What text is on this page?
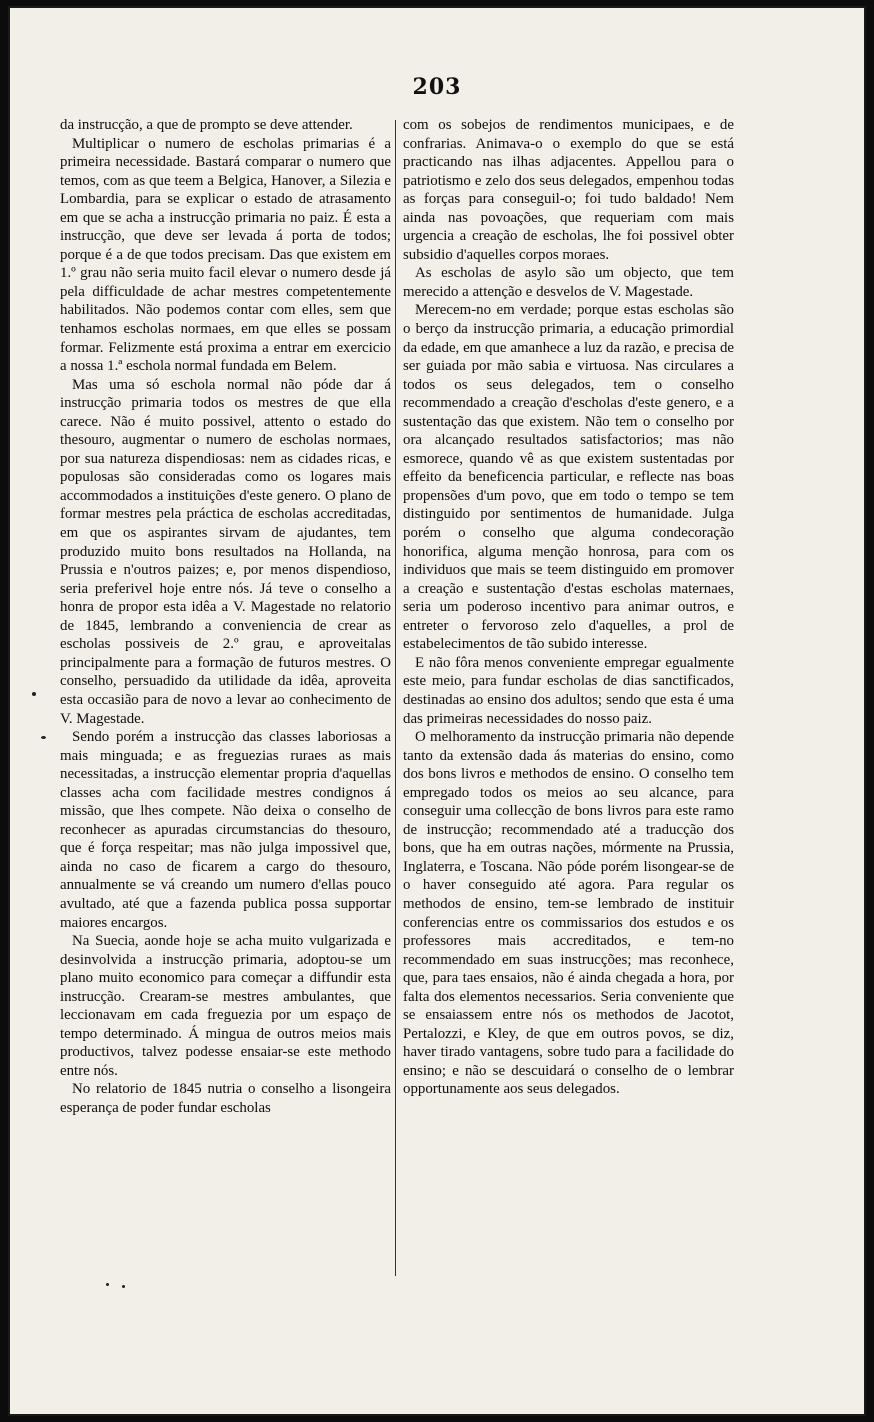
203

da instrucção, a que de prompto se deve attender.

Multiplicar o numero de escholas primarias é a primeira necessidade. Bastará comparar o numero que temos, com as que teem a Belgica, Hanover, a Silezia e Lombardia, para se explicar o estado de atrasamento em que se acha a instrucção primaria no paiz. É esta a instrucção, que deve ser levada á porta de todos; porque é a de que todos precisam. Das que existem em 1.º grau não seria muito facil elevar o numero desde já pela difficuldade de achar mestres competentemente habilitados. Não podemos contar com elles, sem que tenhamos escholas normaes, em que elles se possam formar. Felizmente está proxima a entrar em exercicio a nossa 1.ª eschola normal fundada em Belem.

Mas uma só eschola normal não póde dar á instrucção primaria todos os mestres de que ella carece. Não é muito possivel, attento o estado do thesouro, augmentar o numero de escholas normaes, por sua natureza dispendiosas: nem as cidades ricas, e populosas são consideradas como os logares mais accommodados a instituições d'este genero. O plano de formar mestres pela práctica de escholas accreditadas, em que os aspirantes sirvam de ajudantes, tem produzido muito bons resultados na Hollanda, na Prussia e n'outros paizes; e, por menos dispendioso, seria preferivel hoje entre nós. Já teve o conselho a honra de propor esta idêa a V. Magestade no relatorio de 1845, lembrando a conveniencia de crear as escholas possiveis de 2.º grau, e aproveitalas principalmente para a formação de futuros mestres. O conselho, persuadido da utilidade da idêa, aproveita esta occasião para de novo a levar ao conhecimento de V. Magestade.

Sendo porém a instrucção das classes laboriosas a mais minguada; e as freguezias ruraes as mais necessitadas, a instrucção elementar propria d'aquellas classes acha com facilidade mestres condignos á missão, que lhes compete. Não deixa o conselho de reconhecer as apuradas circumstancias do thesouro, que é força respeitar; mas não julga impossivel que, ainda no caso de ficarem a cargo do thesouro, annualmente se vá creando um numero d'ellas pouco avultado, até que a fazenda publica possa supportar maiores encargos.

Na Suecia, aonde hoje se acha muito vulgarizada e desinvolvida a instrucção primaria, adoptou-se um plano muito economico para começar a diffundir esta instrucção. Crearam-se mestres ambulantes, que leccionavam em cada freguezia por um espaço de tempo determinado. Á mingua de outros meios mais productivos, talvez podesse ensaiar-se este methodo entre nós.

No relatorio de 1845 nutria o conselho a lisongeira esperança de poder fundar escholas

com os sobejos de rendimentos municipaes, e de confrarias. Animava-o o exemplo do que se está practicando nas ilhas adjacentes. Appellou para o patriotismo e zelo dos seus delegados, empenhou todas as forças para conseguil-o; foi tudo baldado! Nem ainda nas povoações, que requeriam com mais urgencia a creação de escholas, lhe foi possivel obter subsidio d'aquelles corpos moraes.

As escholas de asylo são um objecto, que tem merecido a attenção e desvelos de V. Magestade.

Merecem-no em verdade; porque estas escholas são o berço da instrucção primaria, a educação primordial da edade, em que amanhece a luz da razão, e precisa de ser guiada por mão sabia e virtuosa. Nas circulares a todos os seus delegados, tem o conselho recommendado a creação d'escholas d'este genero, e a sustentação das que existem. Não tem o conselho por ora alcançado resultados satisfactorios; mas não esmorece, quando vê as que existem sustentadas por effeito da beneficencia particular, e reflecte nas boas propensões d'um povo, que em todo o tempo se tem distinguido por sentimentos de humanidade. Julga porém o conselho que alguma condecoração honorifica, alguma menção honrosa, para com os individuos que mais se teem distinguido em promover a creação e sustentação d'estas escholas maternaes, seria um poderoso incentivo para animar outros, e entreter o fervoroso zelo d'aquelles, a prol de estabelecimentos de tão subido interesse.

E não fôra menos conveniente empregar egualmente este meio, para fundar escholas de dias sanctificados, destinadas ao ensino dos adultos; sendo que esta é uma das primeiras necessidades do nosso paiz.

O melhoramento da instrucção primaria não depende tanto da extensão dada ás materias do ensino, como dos bons livros e methodos de ensino. O conselho tem empregado todos os meios ao seu alcance, para conseguir uma collecção de bons livros para este ramo de instrucção; recommendado até a traducção dos bons, que ha em outras nações, mórmente na Prussia, Inglaterra, e Toscana. Não póde porém lisongear-se de o haver conseguido até agora. Para regular os methodos de ensino, tem-se lembrado de instituir conferencias entre os commissarios dos estudos e os professores mais accreditados, e tem-no recommendado em suas instrucções; mas reconhece, que, para taes ensaios, não é ainda chegada a hora, por falta dos elementos necessarios. Seria conveniente que se ensaiassem entre nós os methodos de Jacotot, Pertalozzi, e Kley, de que em outros povos, se diz, haver tirado vantagens, sobre tudo para a facilidade do ensino; e não se descuidará o conselho de o lembrar opportunamente aos seus delegados.
